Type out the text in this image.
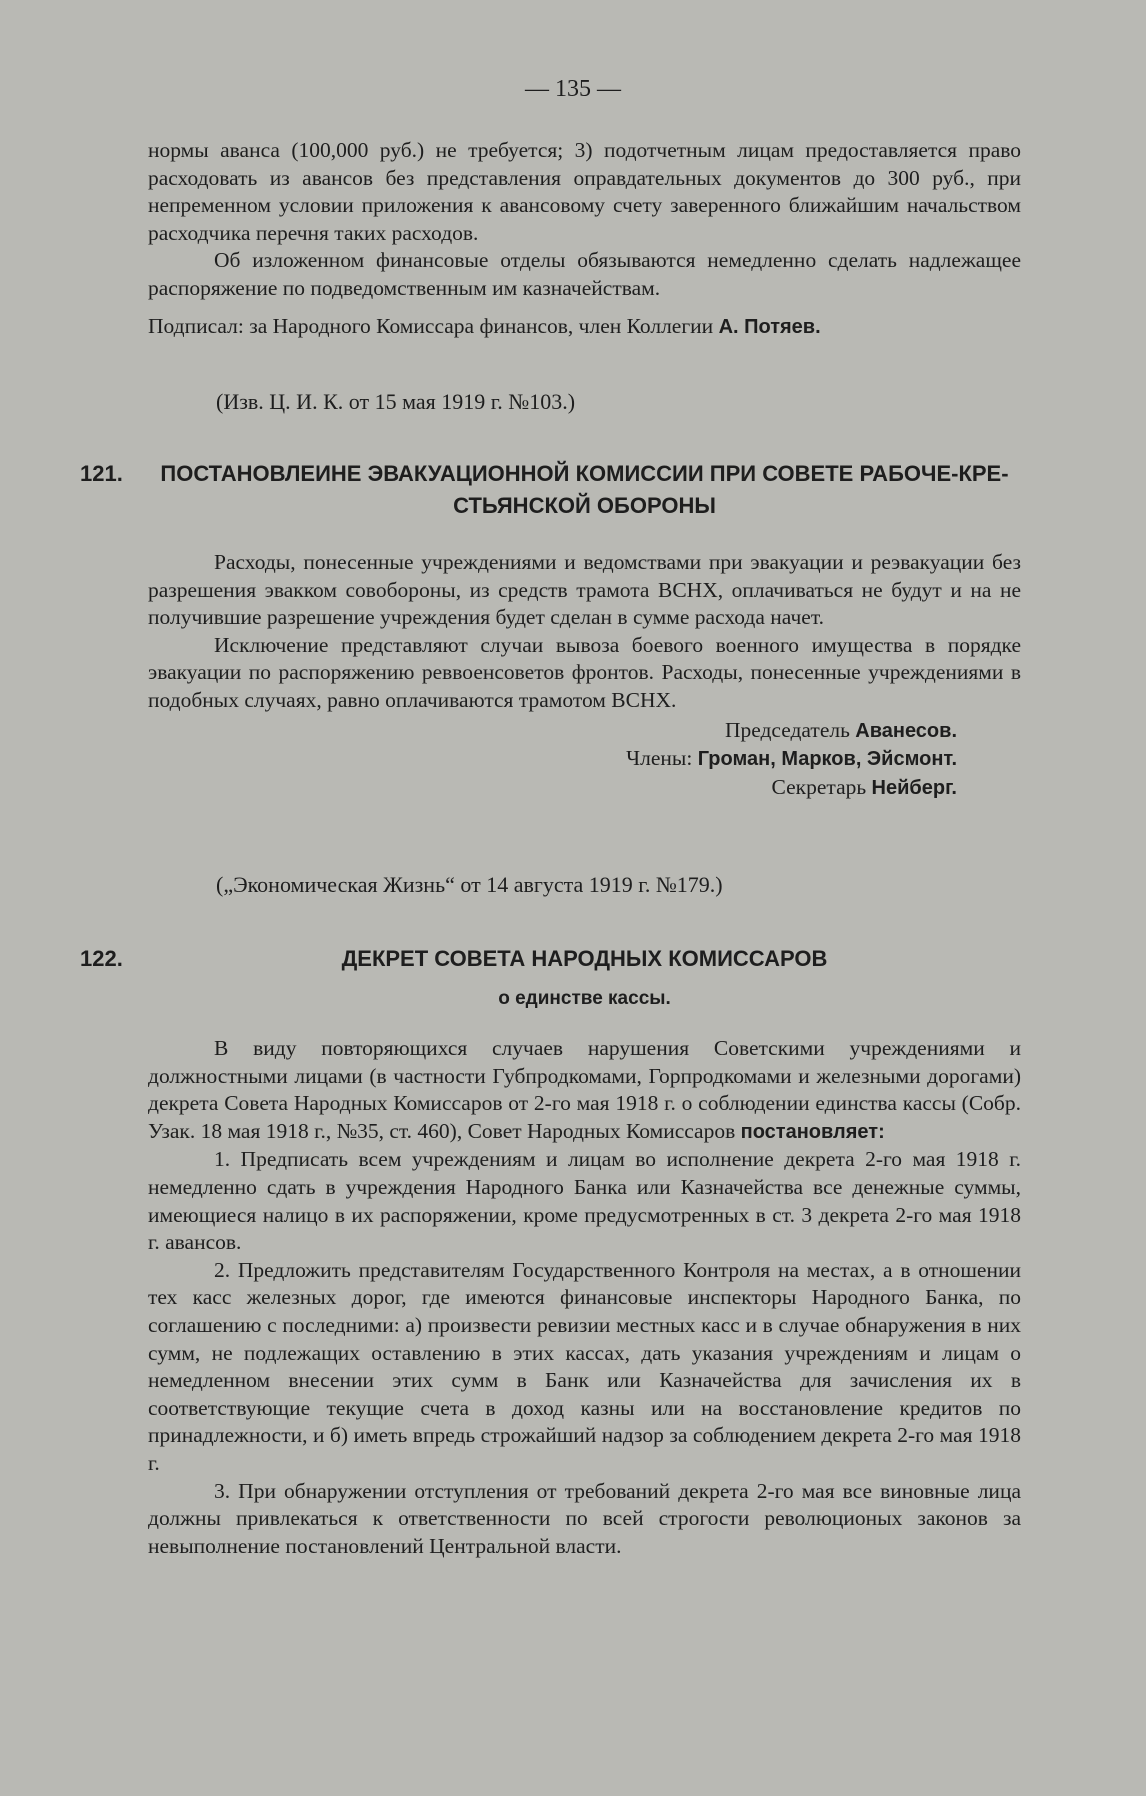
— 135 —

нормы аванса (100,000 руб.) не требуется; 3) подотчетным лицам предоставляется право расходовать из авансов без представления оправдательных документов до 300 руб., при непременном условии приложения к авансовому счету заверенного ближайшим начальством расходчика перечня таких расходов.

Об изложенном финансовые отделы обязываются немедленно сделать надлежащее распоряжение по подведомственным им казначействам.

Подписал: за Народного Комиссара финансов, член Коллегии А. Потяев.

(Изв. Ц. И. К. от 15 мая 1919 г. №103.)
121.	ПОСТАНОВЛЕИНЕ ЭВАКУАЦИОННОЙ КОМИССИИ ПРИ СОВЕТЕ РАБОЧЕ-КРЕ-
СТЬЯНСКОЙ ОБОРОНЫ

Расходы, понесенные учреждениями и ведомствами при эвакуации и реэвакуации без разрешения эвакком совобороны, из средств трамота ВСНХ, оплачиваться не будут и на не получившие разрешение учреждения будет сделан в сумме расхода начет.

Исключение представляют случаи вывоза боевого военного имущества в порядке эвакуации по распоряжению реввоенсоветов фронтов. Расходы, понесенные учреждениями в подобных случаях, равно оплачиваются трамотом ВСНХ.

Председатель Аванесов.
Члены: Громан, Марков, Эйсмонт.
Секретарь Нейберг.
(„Экономическая Жизнь“ от 14 августа 1919 г. №179.)
122.	ДЕКРЕТ СОВЕТА НАРОДНЫХ КОМИССАРОВ
о единстве кассы.

В виду повторяющихся случаев нарушения Советскими учреждениями и должностными лицами (в частности Губпродкомами, Горпродкомами и железными дорогами) декрета Совета Народных Комиссаров от 2-го мая 1918 г. о соблюдении единства кассы (Собр. Узак. 18 мая 1918 г., №35, ст. 460), Совет Народных Комиссаров постановляет:

1. Предписать всем учреждениям и лицам во исполнение декрета 2-го мая 1918 г. немедленно сдать в учреждения Народного Банка или Казначейства все денежные суммы, имеющиеся налицо в их распоряжении, кроме предусмотренных в ст. 3 декрета 2-го мая 1918 г. авансов.

2. Предложить представителям Государственного Контроля на местах, а в отношении тех касс железных дорог, где имеются финансовые инспекторы Народного Банка, по соглашению с последними: а) произвести ревизии местных касс и в случае обнаружения в них сумм, не подлежащих оставлению в этих кассах, дать указания учреждениям и лицам о немедленном внесении этих сумм в Банк или Казначейства для зачисления их в соответствующие текущие счета в доход казны или на восстановление кредитов по принадлежности, и б) иметь впредь строжайший надзор за соблюдением декрета 2-го мая 1918 г.

3. При обнаружении отступления от требований декрета 2-го мая все виновные лица должны привлекаться к ответственности по всей строгости революционых законов за невыполнение постановлений Центральной власти.
